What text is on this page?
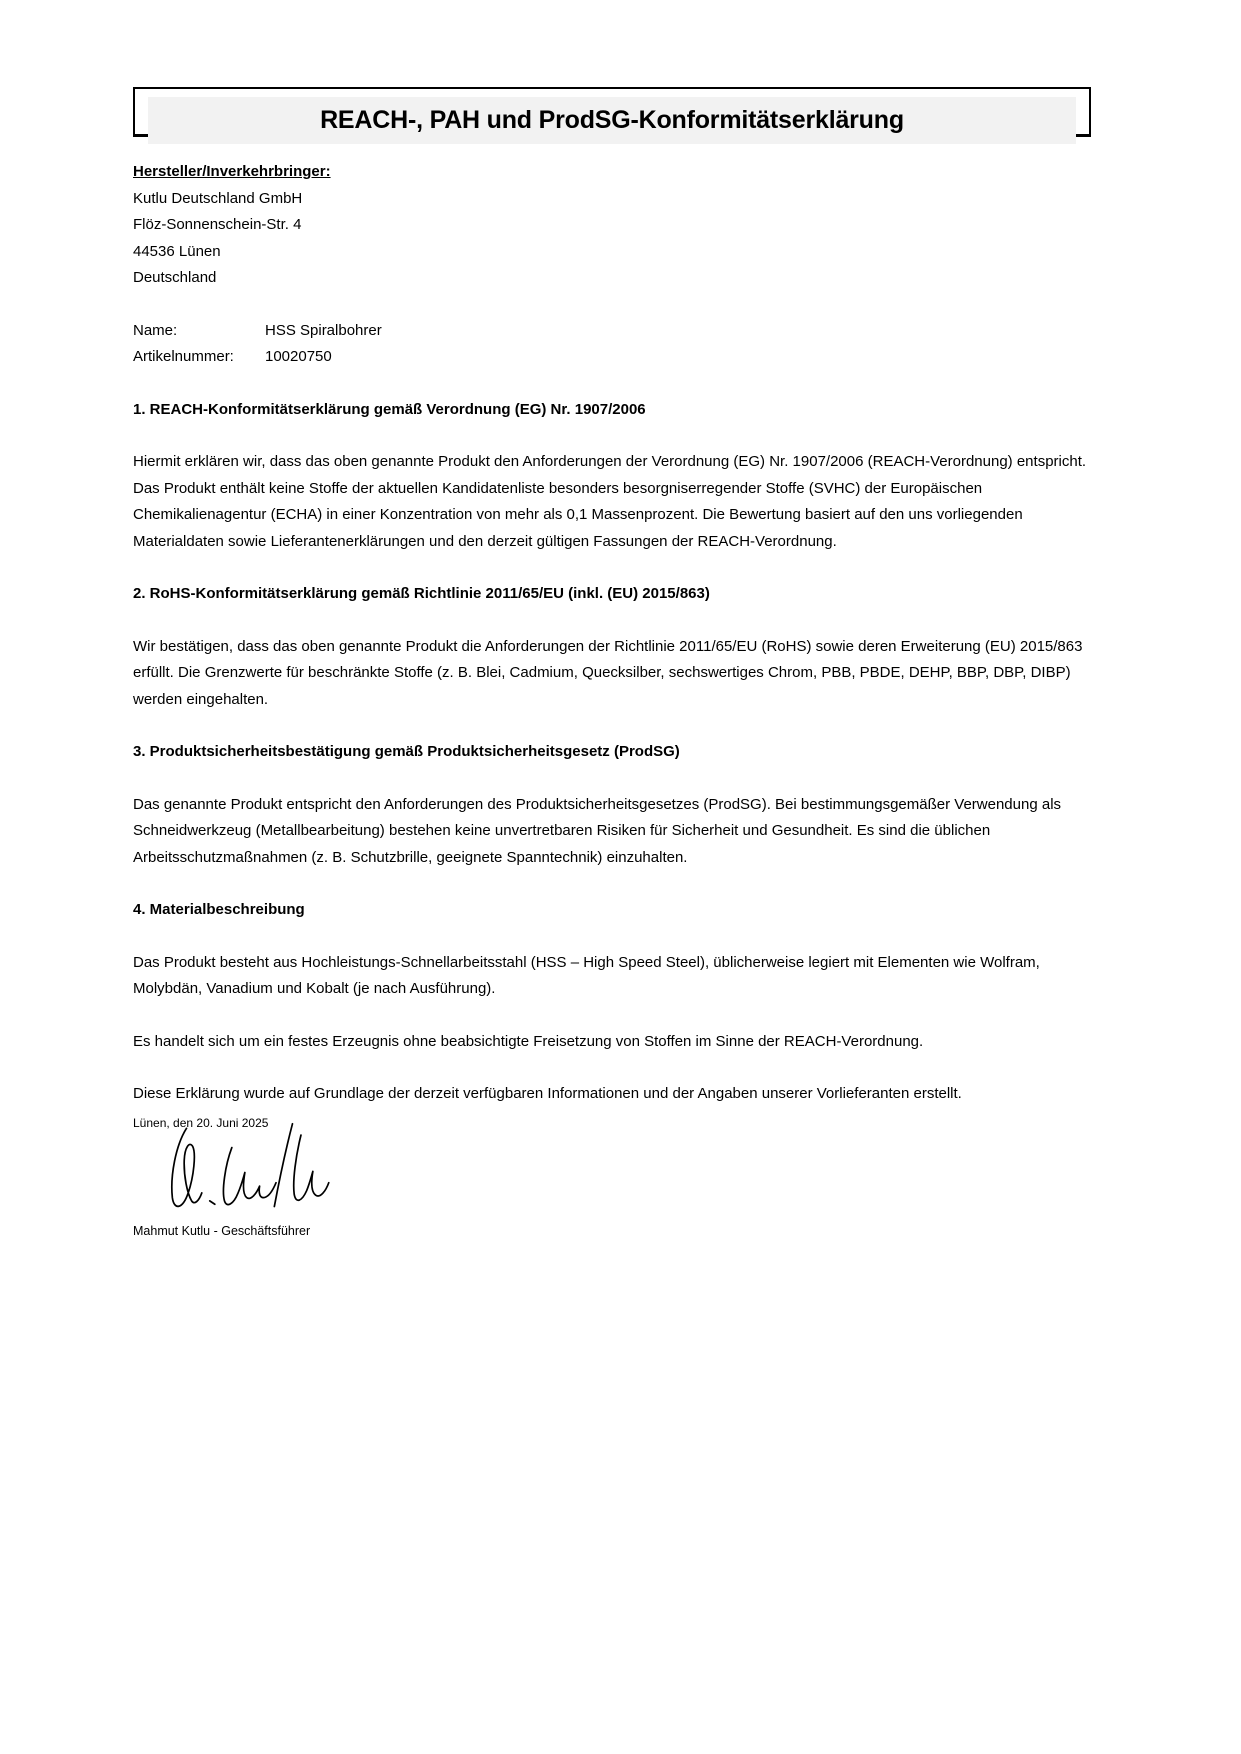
REACH-, PAH und ProdSG-Konformitätserklärung
Hersteller/Inverkehrbringer:
Kutlu Deutschland GmbH
Flöz-Sonnenschein-Str. 4
44536 Lünen
Deutschland
Name:	HSS Spiralbohrer
Artikelnummer: 10020750
1. REACH-Konformitätserklärung gemäß Verordnung (EG) Nr. 1907/2006

Hiermit erklären wir, dass das oben genannte Produkt den Anforderungen der Verordnung (EG) Nr. 1907/2006 (REACH-Verordnung) entspricht. Das Produkt enthält keine Stoffe der aktuellen Kandidatenliste besonders besorgniserregender Stoffe (SVHC) der Europäischen Chemikalienagentur (ECHA) in einer Konzentration von mehr als 0,1 Massenprozent. Die Bewertung basiert auf den uns vorliegenden Materialdaten sowie Lieferantenerklärungen und den derzeit gültigen Fassungen der REACH-Verordnung.

2. RoHS-Konformitätserklärung gemäß Richtlinie 2011/65/EU (inkl. (EU) 2015/863)

Wir bestätigen, dass das oben genannte Produkt die Anforderungen der Richtlinie 2011/65/EU (RoHS) sowie deren Erweiterung (EU) 2015/863 erfüllt. Die Grenzwerte für beschränkte Stoffe (z. B. Blei, Cadmium, Quecksilber, sechswertiges Chrom, PBB, PBDE, DEHP, BBP, DBP, DIBP) werden eingehalten.

3. Produktsicherheitsbestätigung gemäß Produktsicherheitsgesetz (ProdSG)

Das genannte Produkt entspricht den Anforderungen des Produktsicherheitsgesetzes (ProdSG). Bei bestimmungsgemäßer Verwendung als Schneidwerkzeug (Metallbearbeitung) bestehen keine unvertretbaren Risiken für Sicherheit und Gesundheit. Es sind die üblichen Arbeitsschutzmaßnahmen (z. B. Schutzbrille, geeignete Spanntechnik) einzuhalten.

4. Materialbeschreibung

Das Produkt besteht aus Hochleistungs-Schnellarbeitsstahl (HSS – High Speed Steel), üblicherweise legiert mit Elementen wie Wolfram, Molybdän, Vanadium und Kobalt (je nach Ausführung).

Es handelt sich um ein festes Erzeugnis ohne beabsichtigte Freisetzung von Stoffen im Sinne der REACH-Verordnung.

Diese Erklärung wurde auf Grundlage der derzeit verfügbaren Informationen und der Angaben unserer Vorlieferanten erstellt.

Lünen, den 20. Juni 2025
Mahmut Kutlu - Geschäftsführer
